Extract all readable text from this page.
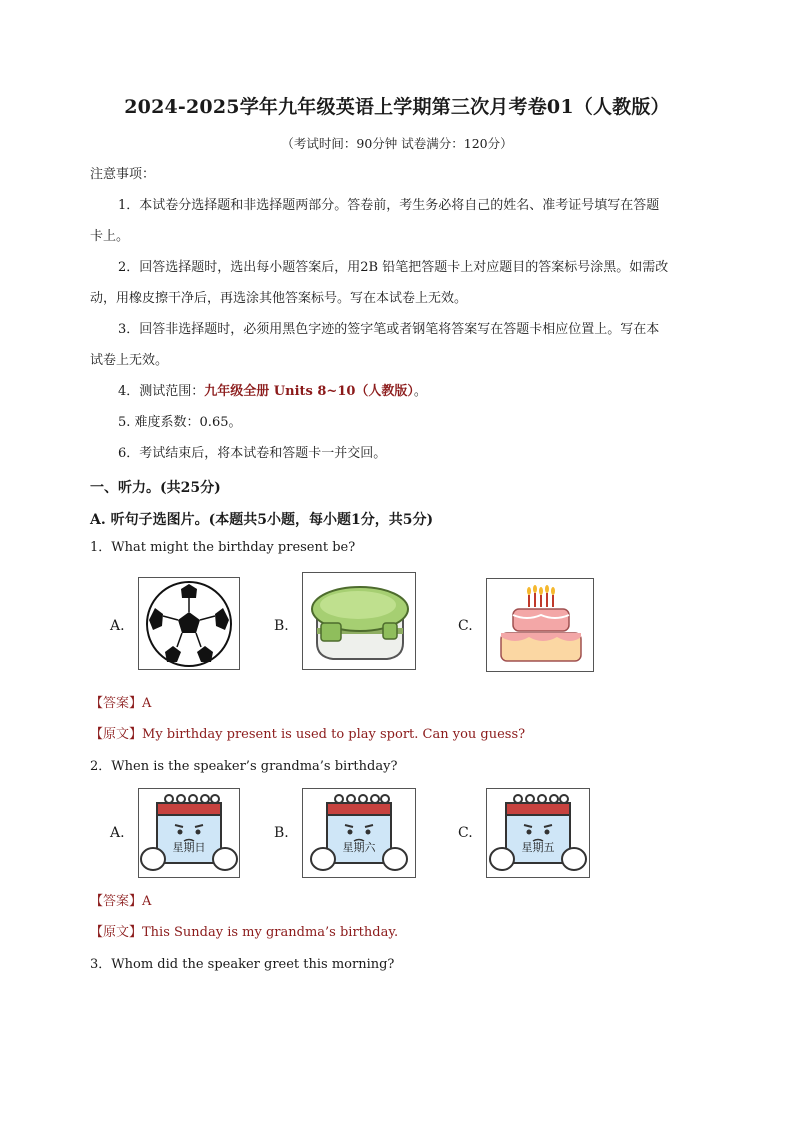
2024-2025学年九年级英语上学期第三次月考卷01（人教版）
（考试时间：90分钟 试卷满分：120分）
注意事项：
1．本试卷分选择题和非选择题两部分。答卷前，考生务必将自己的姓名、准考证号填写在答题
卡上。
2．回答选择题时，选出每小题答案后，用2B 铅笔把答题卡上对应题目的答案标号涂黑。如需改
动，用橡皮擦干净后，再选涂其他答案标号。写在本试卷上无效。
3．回答非选择题时，必须用黑色字迹的签字笔或者钢笔将答案写在答题卡相应位置上。写在本
试卷上无效。
4．测试范围：九年级全册 Units 8~10（人教版）。
5. 难度系数：0.65。
6．考试结束后，将本试卷和答题卡一并交回。
一、听力。(共25分)
A. 听句子选图片。(本题共5小题，每小题1分，共5分)
1．What might the birthday present be?
A.	B.	C.
【答案】A
【原文】My birthday present is used to play sport. Can you guess?
2．When is the speaker’s grandma’s birthday?
A.
星期日
B.
星期六
C.
星期五
【答案】A
【原文】This Sunday is my grandma’s birthday.
3．Whom did the speaker greet this morning?
